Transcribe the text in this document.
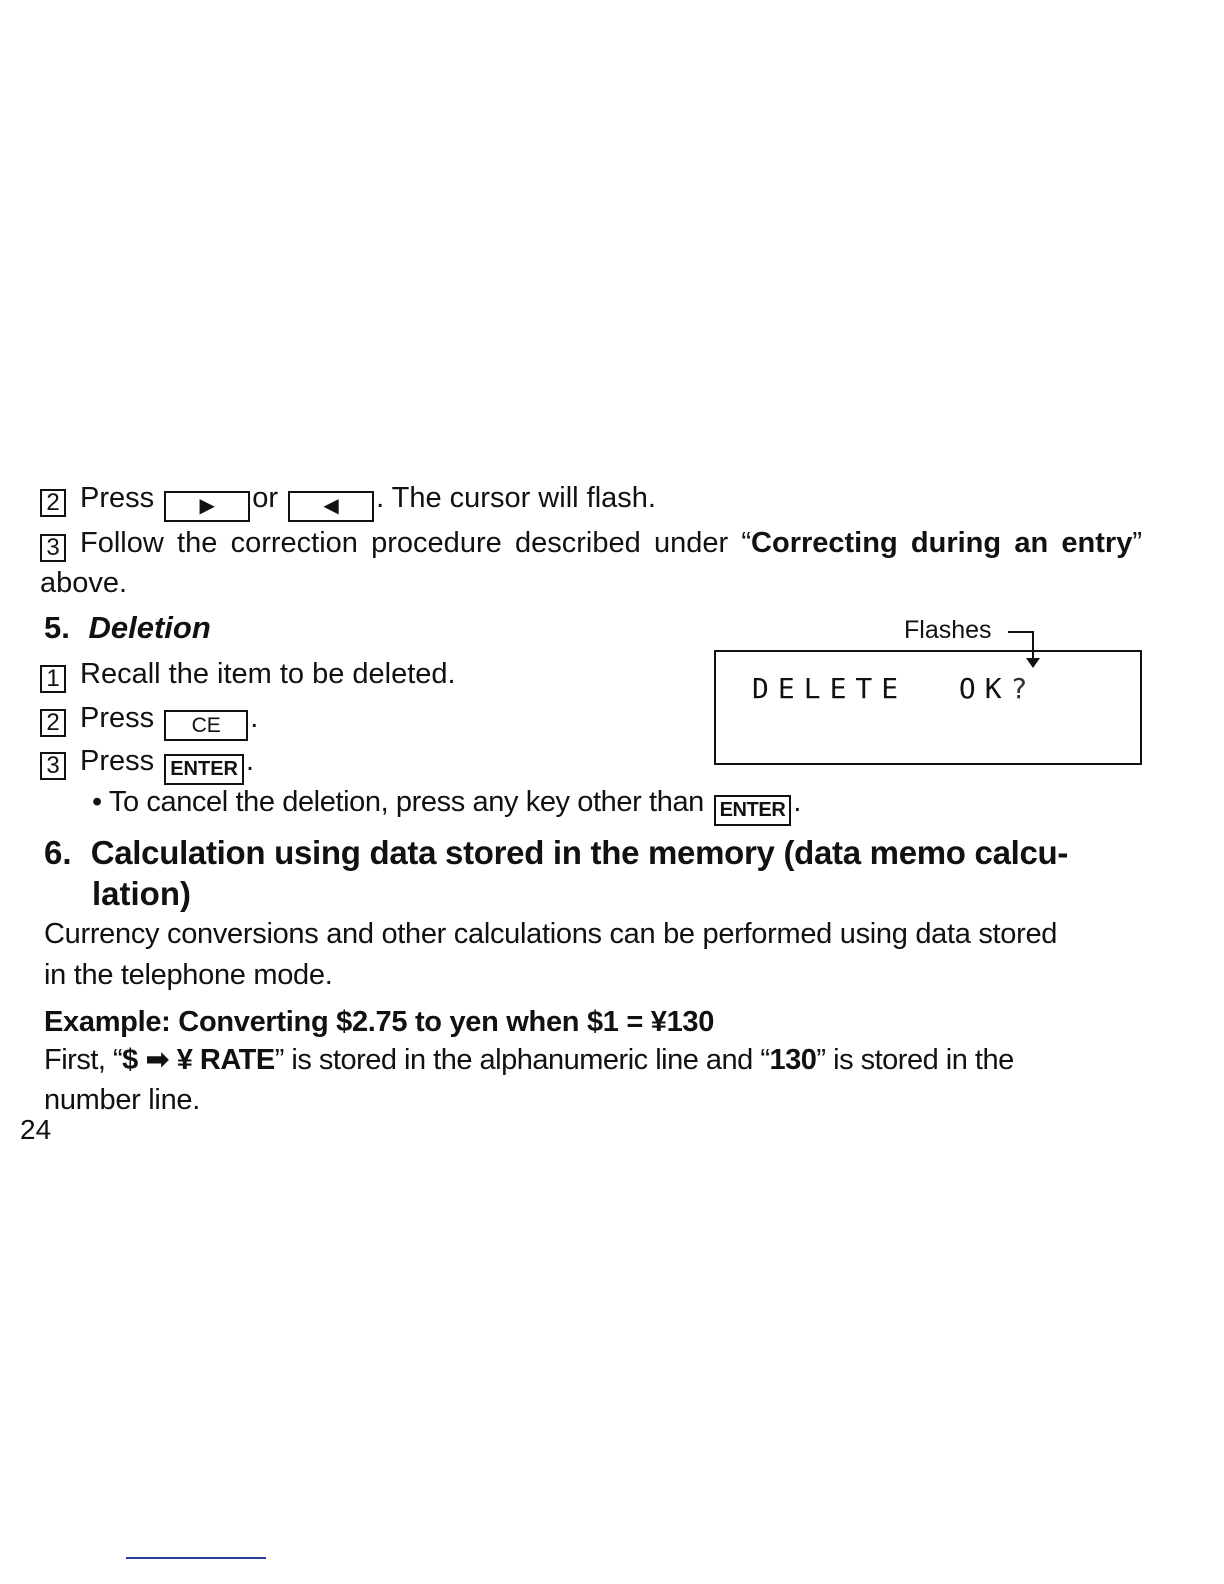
2 Press ▶ or ◀ . The cursor will flash.
3 Follow the correction procedure described under “Correcting during an entry” above.
5. Deletion
1 Recall the item to be deleted.
2 Press CE .
3 Press ENTER .
• To cancel the deletion, press any key other than ENTER .
Flashes
DELETE  OK?
6. Calculation using data stored in the memory (data memo calcu-
lation)
Currency conversions and other calculations can be performed using data stored
in the telephone mode.
Example: Converting $2.75 to yen when $1 = ¥130
First, “$ ➡ ¥ RATE” is stored in the alphanumeric line and “130” is stored in the
number line.
24
